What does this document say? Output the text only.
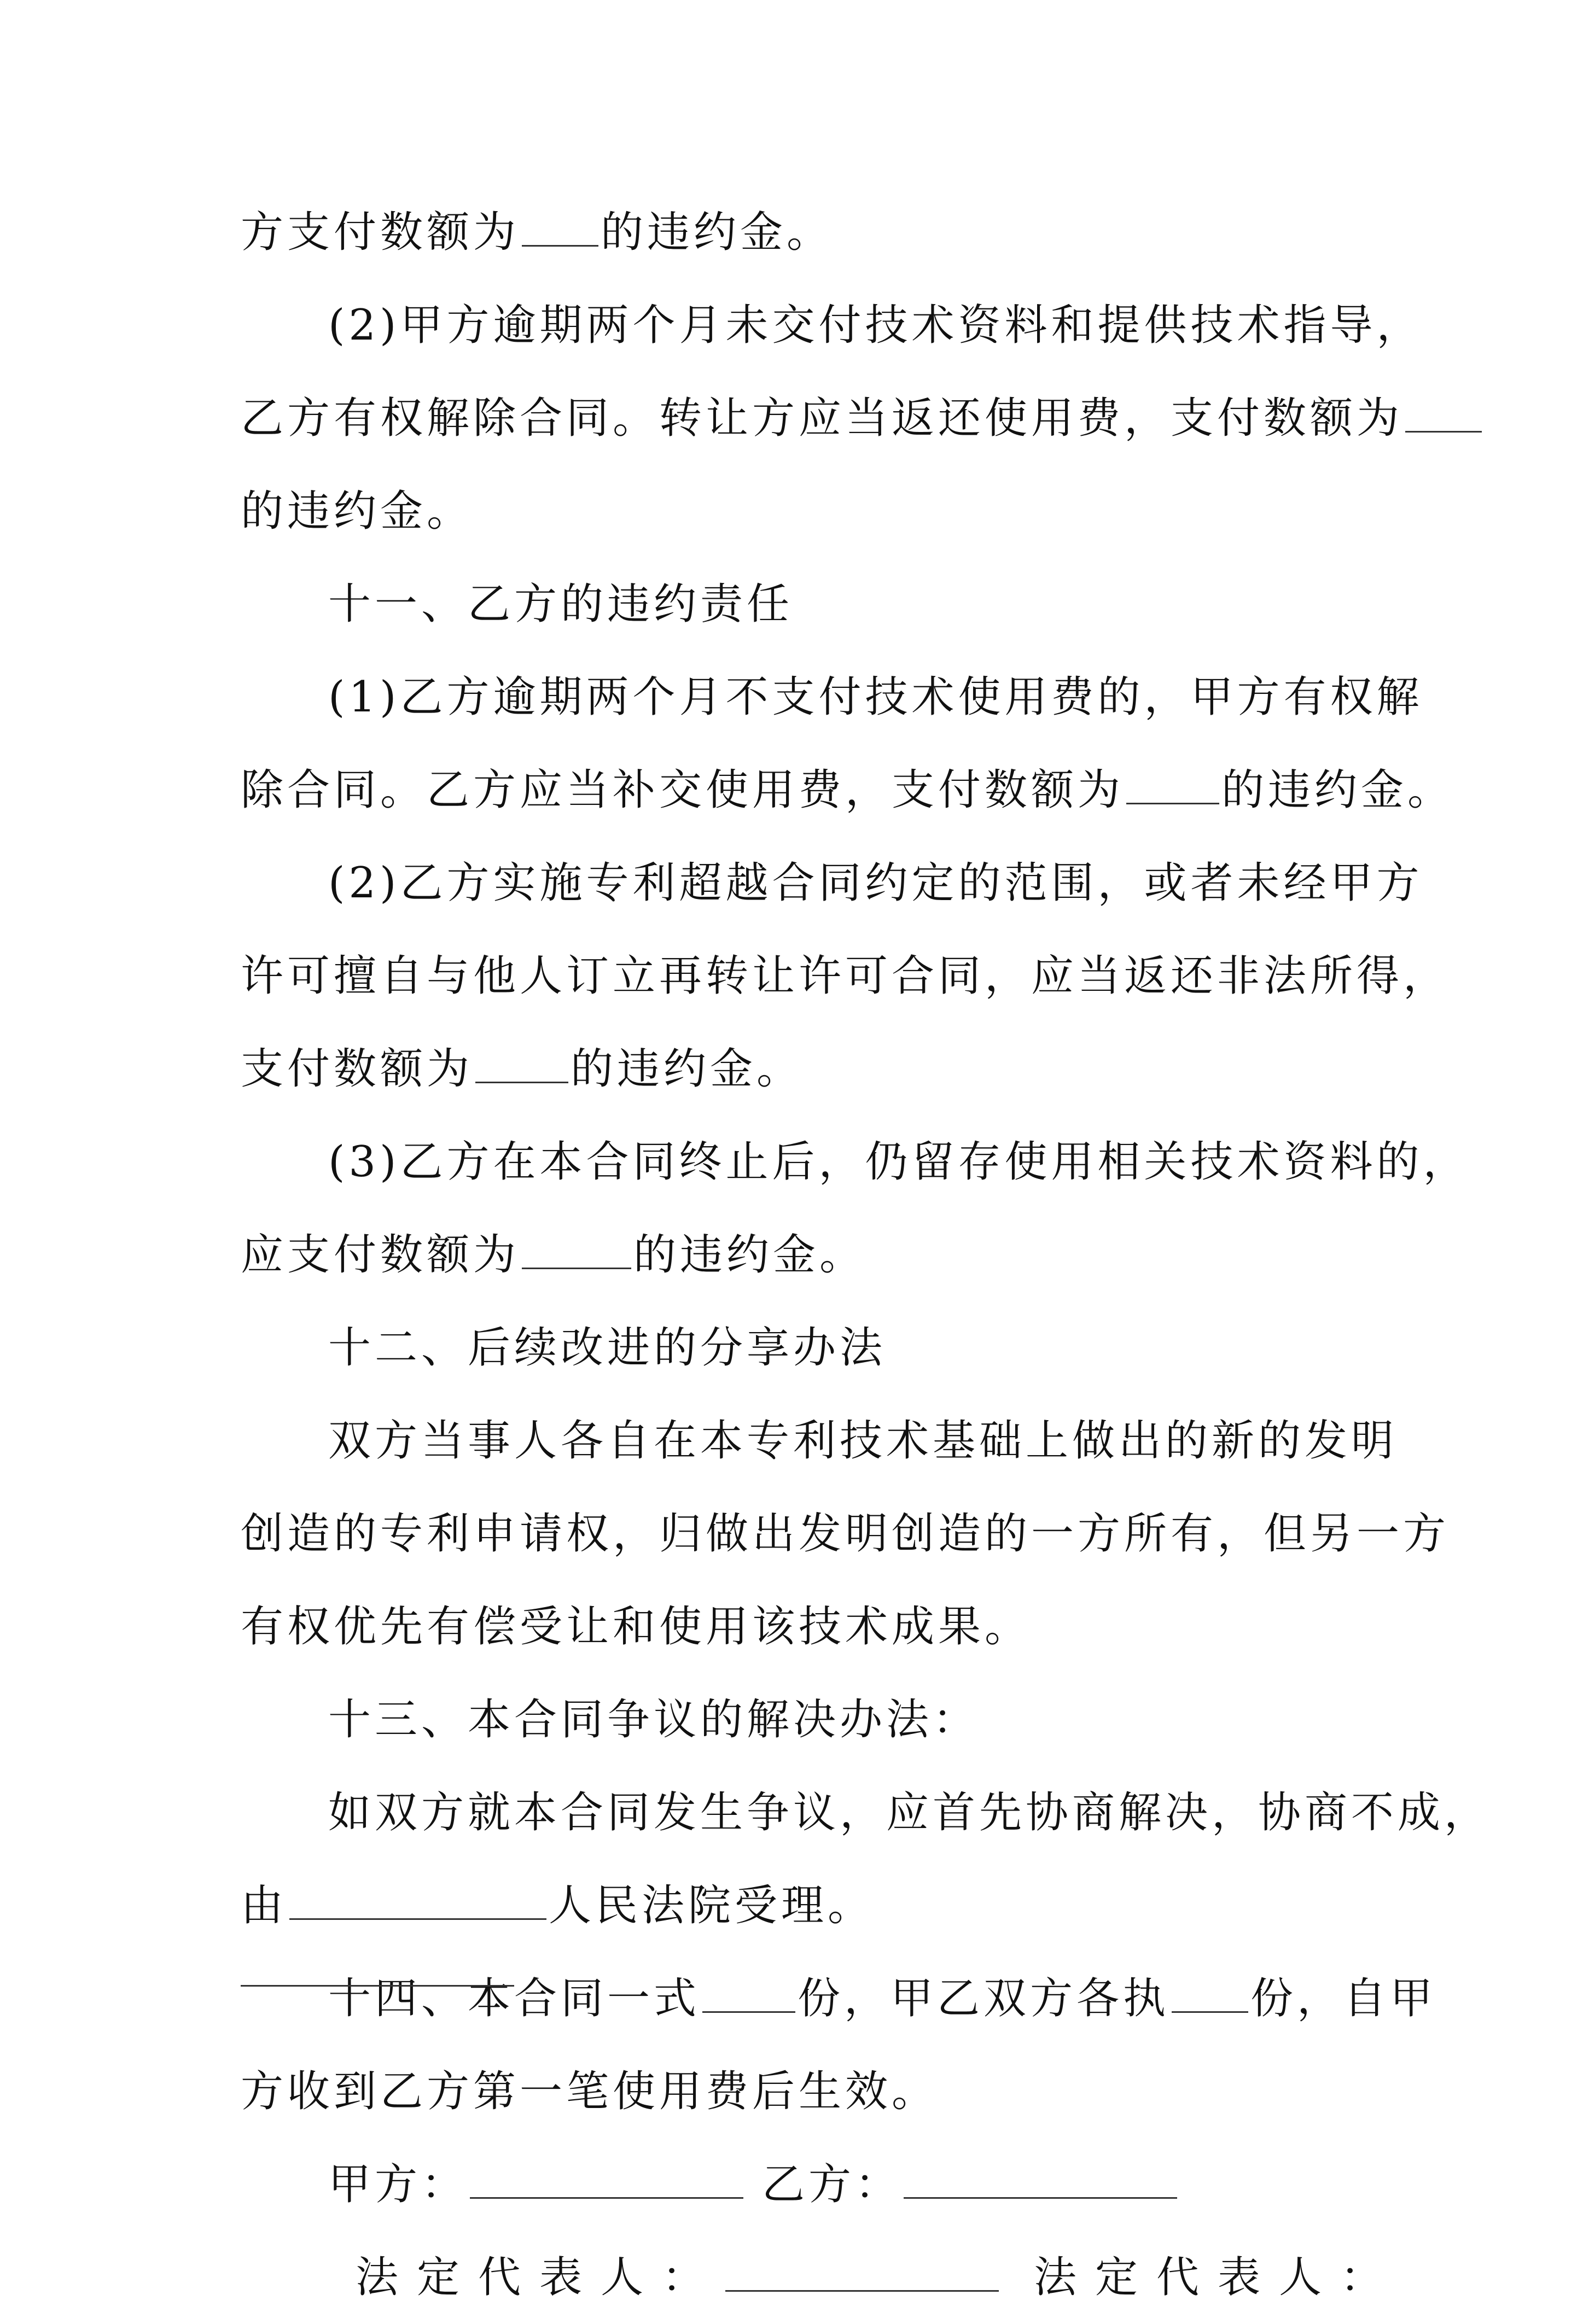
方支付数额为 的违约金。
(2)甲方逾期两个月未交付技术资料和提供技术指导，
乙方有权解除合同。转让方应当返还使用费，支付数额为
的违约金。
十一、乙方的违约责任
(1)乙方逾期两个月不支付技术使用费的，甲方有权解
除合同。乙方应当补交使用费，支付数额为 的违约金。
(2)乙方实施专利超越合同约定的范围，或者未经甲方
许可擅自与他人订立再转让许可合同，应当返还非法所得，
支付数额为 的违约金。
(3)乙方在本合同终止后，仍留存使用相关技术资料的，
应支付数额为	的违约金。
十二、后续改进的分享办法
双方当事人各自在本专利技术基础上做出的新的发明
创造的专利申请权，归做出发明创造的一方所有，但另一方
有权优先有偿受让和使用该技术成果。
十三、本合同争议的解决办法：
如双方就本合同发生争议，应首先协商解决，协商不成，
由	人民法院受理。
十四、本合同一式 份，甲乙双方各执 份，自甲
方收到乙方第一笔使用费后生效。
甲方：	乙方：
法定代表人：	法定代表人：
